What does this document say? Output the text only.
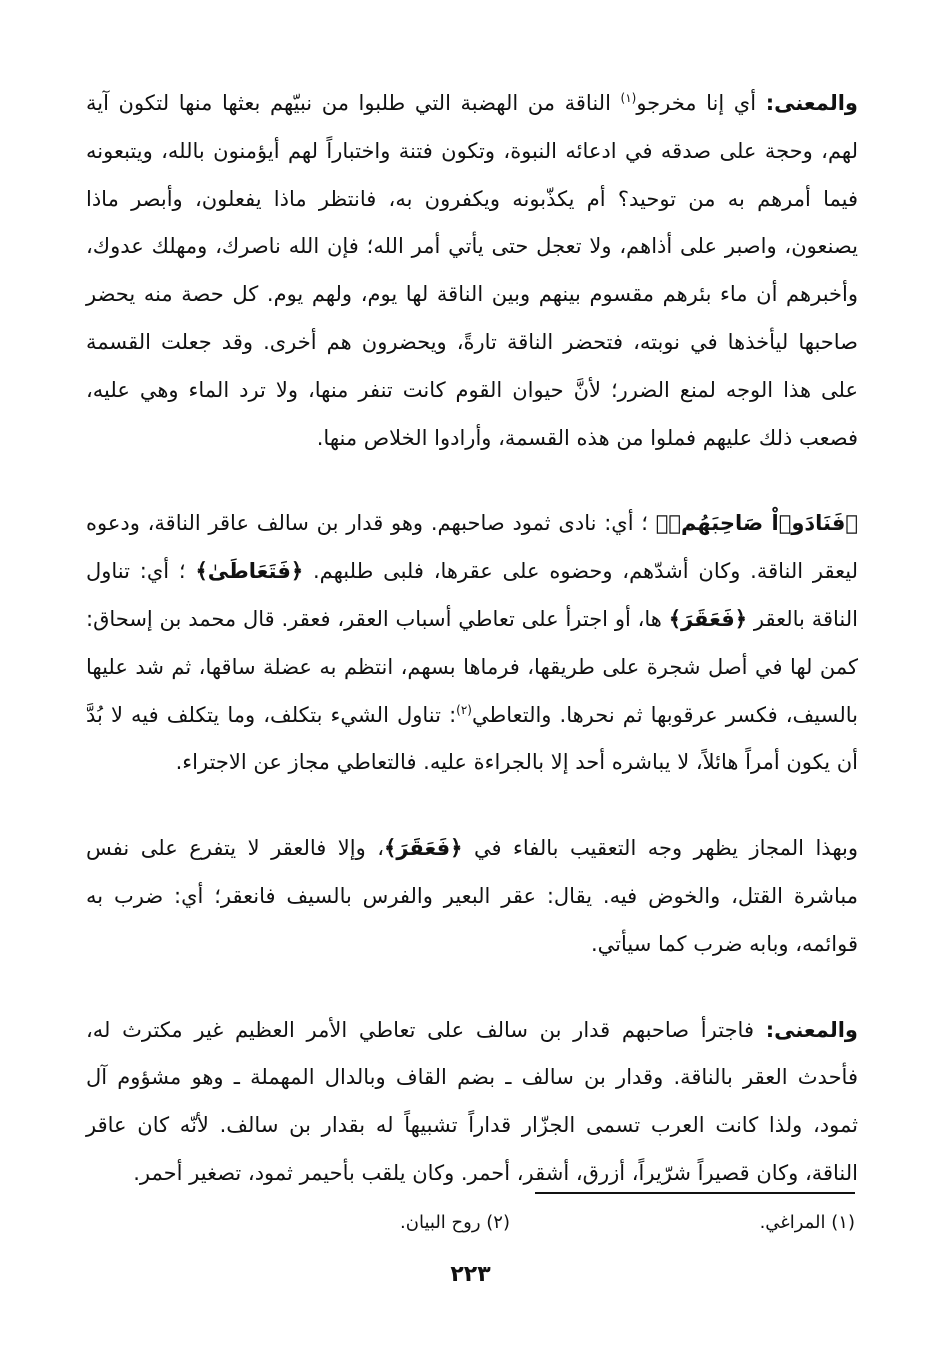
والمعنى: أي إنا مخرجو$^{(١)}$ الناقة من الهضبة التي طلبوا من نبيّهم بعثها منها لتكون آية لهم، وحجة على صدقه في ادعائه النبوة، وتكون فتنة واختباراً لهم أيؤمنون بالله، ويتبعونه فيما أمرهم به من توحيد؟ أم يكذّبونه ويكفرون به، فانتظر ماذا يفعلون، وأبصر ماذا يصنعون، واصبر على أذاهم، ولا تعجل حتى يأتي أمر الله؛ فإن الله ناصرك، ومهلك عدوك، وأخبرهم أن ماء بئرهم مقسوم بينهم وبين الناقة لها يوم، ولهم يوم. كل حصة منه يحضر صاحبها ليأخذها في نوبته، فتحضر الناقة تارةً، ويحضرون هم أخرى. وقد جعلت القسمة على هذا الوجه لمنع الضرر؛ لأنَّ حيوان القوم كانت تنفر منها، ولا ترد الماء وهي عليه، فصعب ذلك عليهم فملوا من هذه القسمة، وأرادوا الخلاص منها.

﴿فَنَادَوۡاْ صَاحِبَهُمۡ﴾ ؛ أي: نادى ثمود صاحبهم. وهو قدار بن سالف عاقر الناقة، ودعوه ليعقر الناقة. وكان أشدّهم، وحضوه على عقرها، فلبى طلبهم. ﴿فَتَعَاطَىٰ﴾ ؛ أي: تناول الناقة بالعقر ﴿فَعَقَرَ﴾ ها، أو اجترأ على تعاطي أسباب العقر، فعقر. قال محمد بن إسحاق: كمن لها في أصل شجرة على طريقها، فرماها بسهم، انتظم به عضلة ساقها، ثم شد عليها بالسيف، فكسر عرقوبها ثم نحرها. والتعاطي$^{(٢)}$: تناول الشيء بتكلف، وما يتكلف فيه لا بُدَّ أن يكون أمراً هائلاً، لا يباشره أحد إلا بالجراءة عليه. فالتعاطي مجاز عن الاجتراء.

وبهذا المجاز يظهر وجه التعقيب بالفاء في ﴿فَعَقَرَ﴾، وإلا فالعقر لا يتفرع على نفس مباشرة القتل، والخوض فيه. يقال: عقر البعير والفرس بالسيف فانعقر؛ أي: ضرب به قوائمه، وبابه ضرب كما سيأتي.

والمعنى: فاجترأ صاحبهم قدار بن سالف على تعاطي الأمر العظيم غير مكترث له، فأحدث العقر بالناقة. وقدار بن سالف ـ بضم القاف وبالدال المهملة ـ وهو مشؤوم آل ثمود، ولذا كانت العرب تسمى الجزّار قداراً تشبيهاً له بقدار بن سالف. لأنّه كان عاقر الناقة، وكان قصيراً شرّيراً، أزرق، أشقر، أحمر. وكان يلقب بأحيمر ثمود، تصغير أحمر.

(١) المراغي.
(٢) روح البيان.
٢٢٣
